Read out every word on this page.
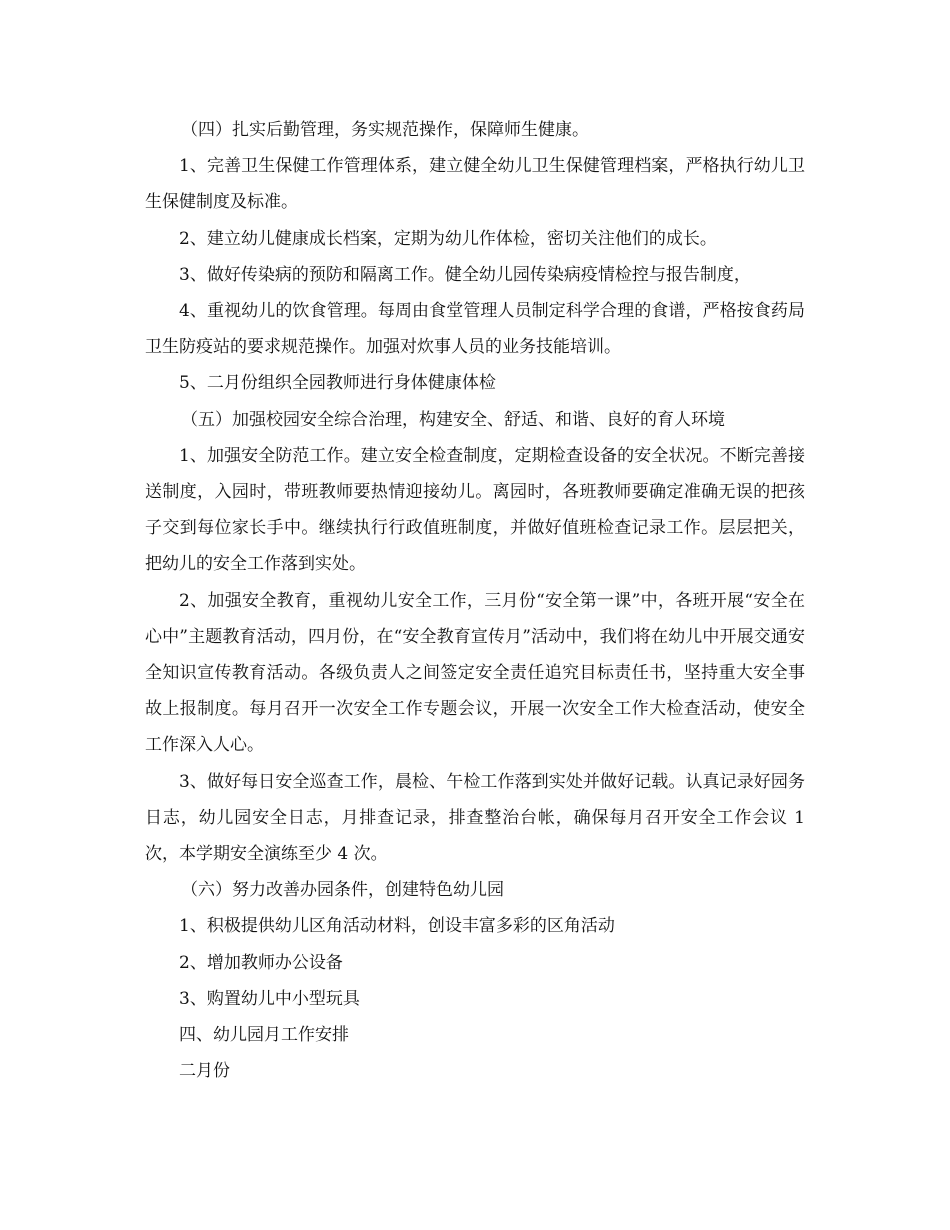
（四）扎实后勤管理，务实规范操作，保障师生健康。

1、完善卫生保健工作管理体系，建立健全幼儿卫生保健管理档案，严格执行幼儿卫生保健制度及标准。

2、建立幼儿健康成长档案，定期为幼儿作体检，密切关注他们的成长。

3、做好传染病的预防和隔离工作。健全幼儿园传染病疫情检控与报告制度，

4、重视幼儿的饮食管理。每周由食堂管理人员制定科学合理的食谱，严格按食药局卫生防疫站的要求规范操作。加强对炊事人员的业务技能培训。

5、二月份组织全园教师进行身体健康体检

（五）加强校园安全综合治理，构建安全、舒适、和谐、良好的育人环境

1、加强安全防范工作。建立安全检查制度，定期检查设备的安全状况。不断完善接送制度，入园时，带班教师要热情迎接幼儿。离园时，各班教师要确定准确无误的把孩子交到每位家长手中。继续执行行政值班制度，并做好值班检查记录工作。层层把关，把幼儿的安全工作落到实处。

2、加强安全教育，重视幼儿安全工作，三月份“安全第一课”中，各班开展“安全在心中”主题教育活动，四月份，在“安全教育宣传月”活动中，我们将在幼儿中开展交通安全知识宣传教育活动。各级负责人之间签定安全责任追究目标责任书，坚持重大安全事故上报制度。每月召开一次安全工作专题会议，开展一次安全工作大检查活动，使安全工作深入人心。

3、做好每日安全巡查工作，晨检、午检工作落到实处并做好记载。认真记录好园务日志，幼儿园安全日志，月排查记录，排查整治台帐，确保每月召开安全工作会议 1 次，本学期安全演练至少 4 次。

（六）努力改善办园条件，创建特色幼儿园

1、积极提供幼儿区角活动材料，创设丰富多彩的区角活动

2、增加教师办公设备

3、购置幼儿中小型玩具

四、幼儿园月工作安排

二月份
